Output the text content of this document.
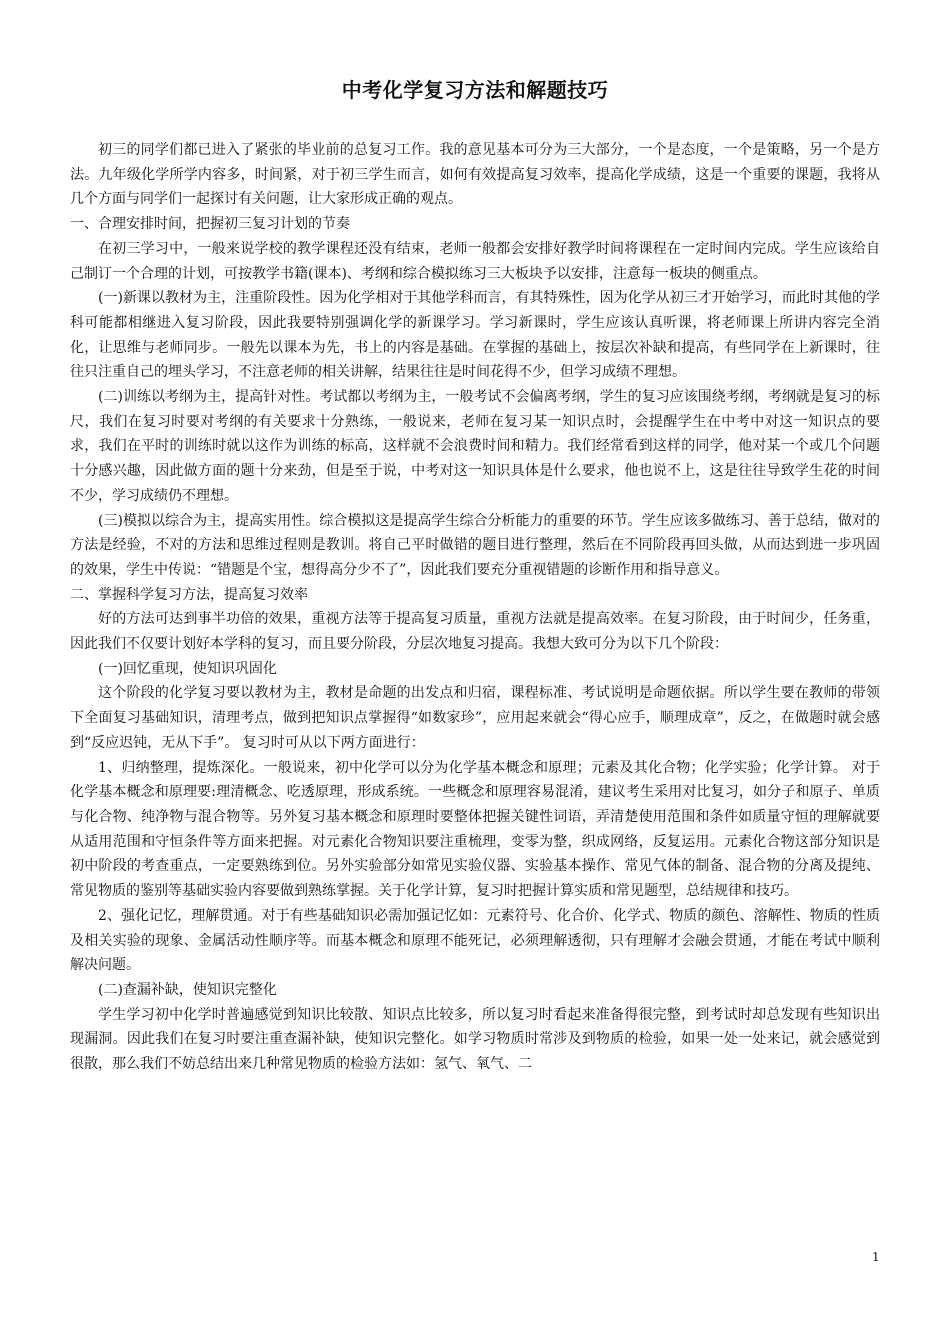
中考化学复习方法和解题技巧

初三的同学们都已进入了紧张的毕业前的总复习工作。我的意见基本可分为三大部分，一个是态度，一个是策略，另一个是方法。九年级化学所学内容多，时间紧，对于初三学生而言，如何有效提高复习效率，提高化学成绩，这是一个重要的课题，我将从几个方面与同学们一起探讨有关问题，让大家形成正确的观点。

一、合理安排时间，把握初三复习计划的节奏

在初三学习中，一般来说学校的教学课程还没有结束，老师一般都会安排好教学时间将课程在一定时间内完成。学生应该给自己制订一个合理的计划，可按教学书籍(课本)、考纲和综合模拟练习三大板块予以安排，注意每一板块的侧重点。

(一)新课以教材为主，注重阶段性。因为化学相对于其他学科而言，有其特殊性，因为化学从初三才开始学习，而此时其他的学科可能都相继进入复习阶段，因此我要特别强调化学的新课学习。学习新课时，学生应该认真听课，将老师课上所讲内容完全消化，让思维与老师同步。一般先以课本为先，书上的内容是基础。在掌握的基础上，按层次补缺和提高，有些同学在上新课时，往往只注重自己的埋头学习，不注意老师的相关讲解，结果往往是时间花得不少，但学习成绩不理想。

(二)训练以考纲为主，提高针对性。考试都以考纲为主，一般考试不会偏离考纲，学生的复习应该围绕考纲，考纲就是复习的标尺，我们在复习时要对考纲的有关要求十分熟练，一般说来，老师在复习某一知识点时，会提醒学生在中考中对这一知识点的要求，我们在平时的训练时就以这作为训练的标高，这样就不会浪费时间和精力。我们经常看到这样的同学，他对某一个或几个问题十分感兴趣，因此做方面的题十分来劲，但是至于说，中考对这一知识具体是什么要求，他也说不上，这是往往导致学生花的时间不少，学习成绩仍不理想。

(三)模拟以综合为主，提高实用性。综合模拟这是提高学生综合分析能力的重要的环节。学生应该多做练习、善于总结，做对的方法是经验，不对的方法和思维过程则是教训。将自己平时做错的题目进行整理，然后在不同阶段再回头做，从而达到进一步巩固的效果，学生中传说：“错题是个宝，想得高分少不了”，因此我们要充分重视错题的诊断作用和指导意义。

二、掌握科学复习方法，提高复习效率

好的方法可达到事半功倍的效果，重视方法等于提高复习质量，重视方法就是提高效率。在复习阶段，由于时间少，任务重，因此我们不仅要计划好本学科的复习，而且要分阶段，分层次地复习提高。我想大致可分为以下几个阶段：

(一)回忆重现，使知识巩固化

这个阶段的化学复习要以教材为主，教材是命题的出发点和归宿，课程标准、考试说明是命题依据。所以学生要在教师的带领下全面复习基础知识，清理考点，做到把知识点掌握得“如数家珍”，应用起来就会“得心应手，顺理成章”，反之，在做题时就会感到“反应迟钝，无从下手”。 复习时可从以下两方面进行：

1、归纳整理，提炼深化。一般说来，初中化学可以分为化学基本概念和原理；元素及其化合物；化学实验；化学计算。 对于化学基本概念和原理要:理清概念、吃透原理，形成系统。一些概念和原理容易混淆，建议考生采用对比复习，如分子和原子、单质与化合物、纯净物与混合物等。另外复习基本概念和原理时要整体把握关键性词语，弄清楚使用范围和条件如质量守恒的理解就要从适用范围和守恒条件等方面来把握。对元素化合物知识要注重梳理，变零为整，织成网络，反复运用。元素化合物这部分知识是初中阶段的考查重点，一定要熟练到位。另外实验部分如常见实验仪器、实验基本操作、常见气体的制备、混合物的分离及提纯、常见物质的鉴别等基础实验内容要做到熟练掌握。关于化学计算，复习时把握计算实质和常见题型，总结规律和技巧。

2、强化记忆，理解贯通。对于有些基础知识必需加强记忆如：元素符号、化合价、化学式、物质的颜色、溶解性、物质的性质及相关实验的现象、金属活动性顺序等。而基本概念和原理不能死记，必须理解透彻，只有理解才会融会贯通，才能在考试中顺利解决问题。

(二)查漏补缺，使知识完整化

学生学习初中化学时普遍感觉到知识比较散、知识点比较多，所以复习时看起来准备得很完整，到考试时却总发现有些知识出现漏洞。因此我们在复习时要注重查漏补缺，使知识完整化。如学习物质时常涉及到物质的检验，如果一处一处来记，就会感觉到很散，那么我们不妨总结出来几种常见物质的检验方法如：氢气、氧气、二

1
